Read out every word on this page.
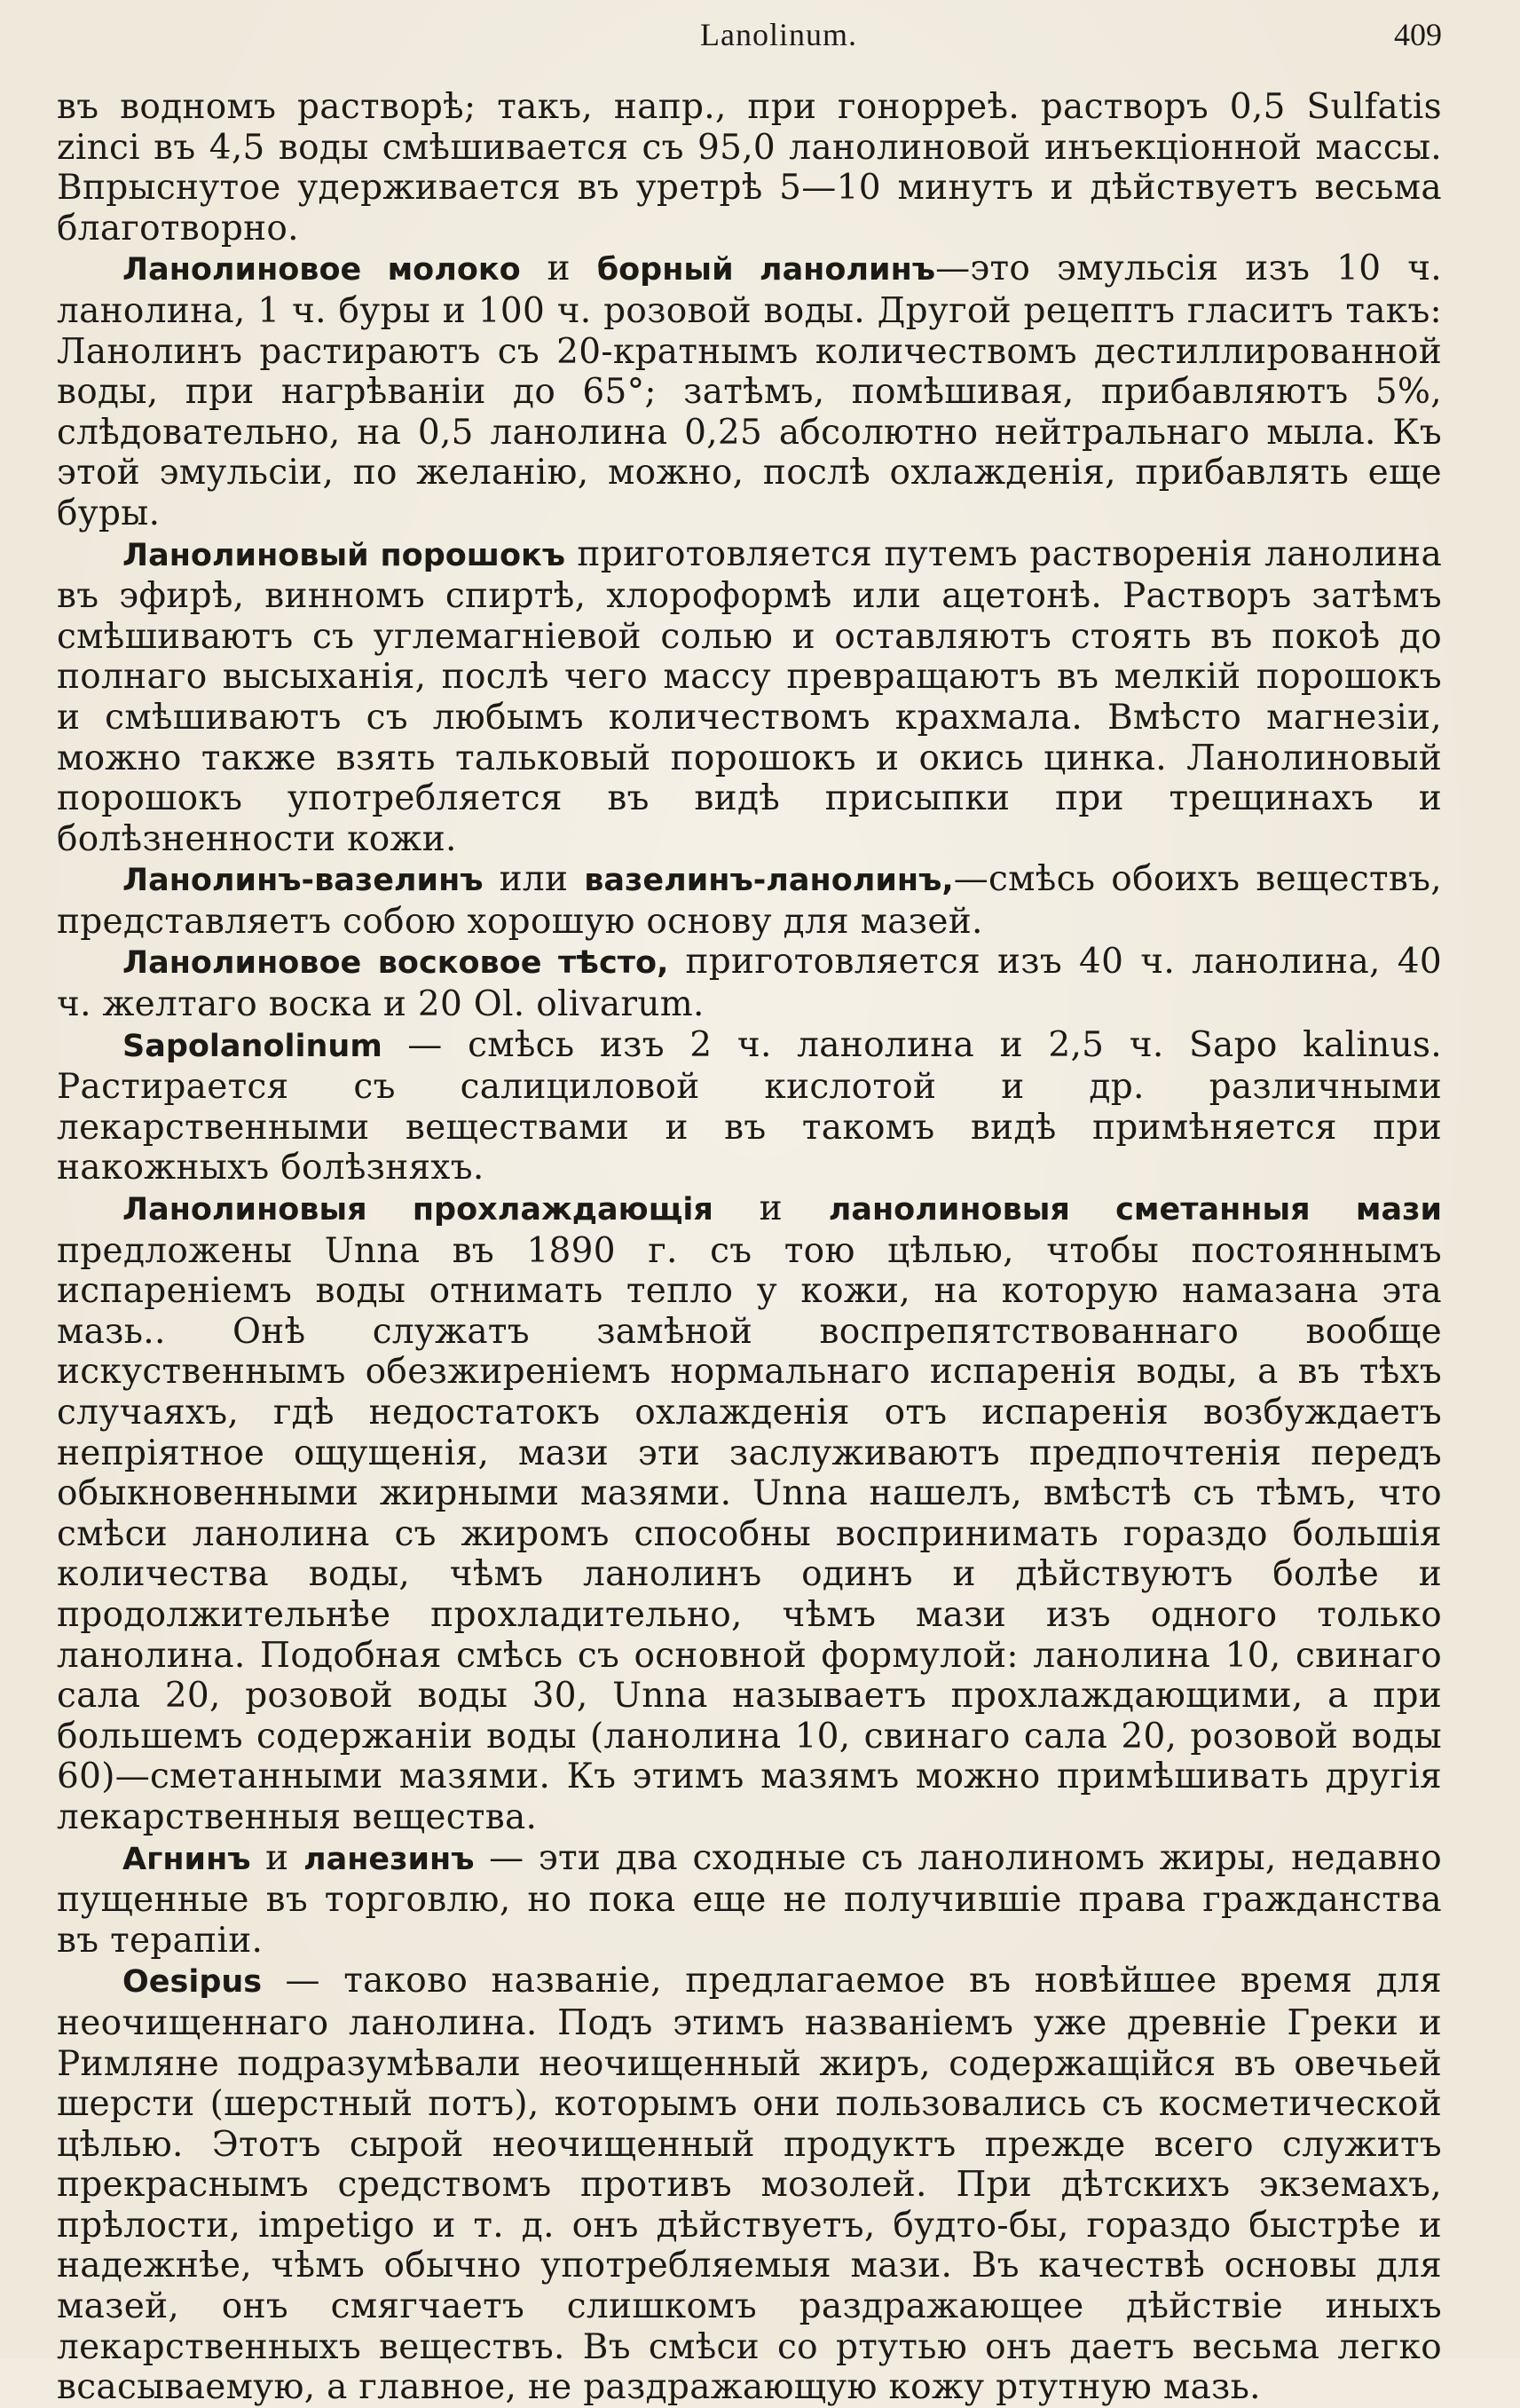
Lanolinum.	409

въ водномъ растворѣ; такъ, напр., при гонорреѣ. растворъ 0,5 Sulfatis zinci въ 4,5 воды смѣшивается съ 95,0 ланолиновой инъекціонной массы. Впрыснутое удерживается въ уретрѣ 5—10 минутъ и дѣйствуетъ весьма благотворно.

Ланолиновое молоко и борный ланолинъ—это эмульсія изъ 10 ч. ланолина, 1 ч. буры и 100 ч. розовой воды. Другой рецептъ гласитъ такъ: Ланолинъ растираютъ съ 20-кратнымъ количествомъ дестиллированной воды, при нагрѣваніи до 65°; затѣмъ, помѣшивая, прибавляютъ 5%, слѣдовательно, на 0,5 ланолина 0,25 абсолютно нейтральнаго мыла. Къ этой эмульсіи, по желанію, можно, послѣ охлажденія, прибавлять еще буры.

Ланолиновый порошокъ приготовляется путемъ растворенія ланолина въ эфирѣ, винномъ спиртѣ, хлороформѣ или ацетонѣ. Растворъ затѣмъ смѣшиваютъ съ углемагніевой солью и оставляютъ стоять въ покоѣ до полнаго высыханія, послѣ чего массу превращаютъ въ мелкій порошокъ и смѣшиваютъ съ любымъ количествомъ крахмала. Вмѣсто магнезіи, можно также взять тальковый порошокъ и окись цинка. Ланолиновый порошокъ употребляется въ видѣ присыпки при трещинахъ и болѣзненности кожи.

Ланолинъ-вазелинъ или вазелинъ-ланолинъ,—смѣсь обоихъ веществъ, представляетъ собою хорошую основу для мазей.

Ланолиновое восковое тѣсто, приготовляется изъ 40 ч. ланолина, 40 ч. желтаго воска и 20 Ol. olivarum.

Sapolanolinum — смѣсь изъ 2 ч. ланолина и 2,5 ч. Sapo kalinus. Растирается съ салициловой кислотой и др. различными лекарственными веществами и въ такомъ видѣ примѣняется при накожныхъ болѣзняхъ.

Ланолиновыя прохлаждающія и ланолиновыя сметанныя мази предложены Unna въ 1890 г. съ тою цѣлью, чтобы постояннымъ испареніемъ воды отнимать тепло у кожи, на которую намазана эта мазь.. Онѣ служатъ замѣной воспрепятствованнаго вообще искуственнымъ обезжиреніемъ нормальнаго испаренія воды, а въ тѣхъ случаяхъ, гдѣ недостатокъ охлажденія отъ испаренія возбуждаетъ непріятное ощущенія, мази эти заслуживаютъ предпочтенія передъ обыкновенными жирными мазями. Unna нашелъ, вмѣстѣ съ тѣмъ, что смѣси ланолина съ жиромъ способны воспринимать гораздо большія количества воды, чѣмъ ланолинъ одинъ и дѣйствуютъ болѣе и продолжительнѣе прохладительно, чѣмъ мази изъ одного только ланолина. Подобная смѣсь съ основной формулой: ланолина 10, свинаго сала 20, розовой воды 30, Unna называетъ прохлаждающими, а при большемъ содержаніи воды (ланолина 10, свинаго сала 20, розовой воды 60)—сметанными мазями. Къ этимъ мазямъ можно примѣшивать другія лекарственныя вещества.

Агнинъ и ланезинъ — эти два сходные съ ланолиномъ жиры, недавно пущенные въ торговлю, но пока еще не получившіе права гражданства въ терапіи.

Oesipus — таково названіе, предлагаемое въ новѣйшее время для неочищеннаго ланолина. Подъ этимъ названіемъ уже древніе Греки и Римляне подразумѣвали неочищенный жиръ, содержащійся въ овечьей шерсти (шерстный потъ), которымъ они пользовались съ косметической цѣлью. Этотъ сырой неочищенный продуктъ прежде всего служитъ прекраснымъ средствомъ противъ мозолей. При дѣтскихъ экземахъ, прѣлости, impetigo и т. д. онъ дѣйствуетъ, будто-бы, гораздо быстрѣе и надежнѣе, чѣмъ обычно употребляемыя мази. Въ качествѣ основы для мазей, онъ смягчаетъ слишкомъ раздражающее дѣйствіе иныхъ лекарственныхъ веществъ. Въ смѣси со ртутью онъ даетъ весьма легко всасываемую, а главное, не раздражающую кожу ртутную мазь.
